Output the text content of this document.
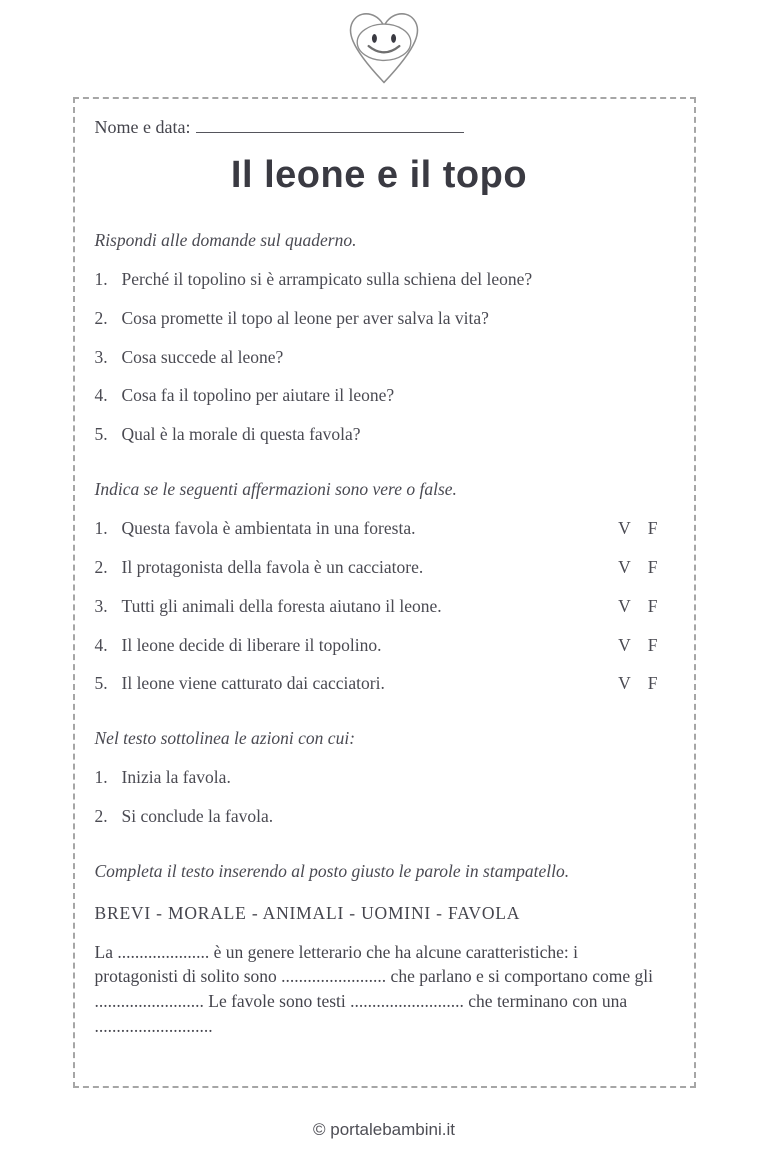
Nome e data:
Il leone e il topo

Rispondi alle domande sul quaderno.

1. Perché il topolino si è arrampicato sulla schiena del leone?
2. Cosa promette il topo al leone per aver salva la vita?
3. Cosa succede al leone?
4. Cosa fa il topolino per aiutare il leone?
5. Qual è la morale di questa favola?

Indica se le seguenti affermazioni sono vere o false.

1. Questa favola è ambientata in una foresta.	V F
2. Il protagonista della favola è un cacciatore.	V F
3. Tutti gli animali della foresta aiutano il leone.	V F
4. Il leone decide di liberare il topolino.	V F
5. Il leone viene catturato dai cacciatori.	V F

Nel testo sottolinea le azioni con cui:

1. Inizia la favola.
2. Si conclude la favola.

Completa il testo inserendo al posto giusto le parole in stampatello.

BREVI - MORALE - ANIMALI - UOMINI - FAVOLA

La ..................... è un genere letterario che ha alcune caratteristiche: i protagonisti di solito sono ........................ che parlano e si comportano come gli ......................... Le favole sono testi .......................... che terminano con una ...........................

© portalebambini.it
